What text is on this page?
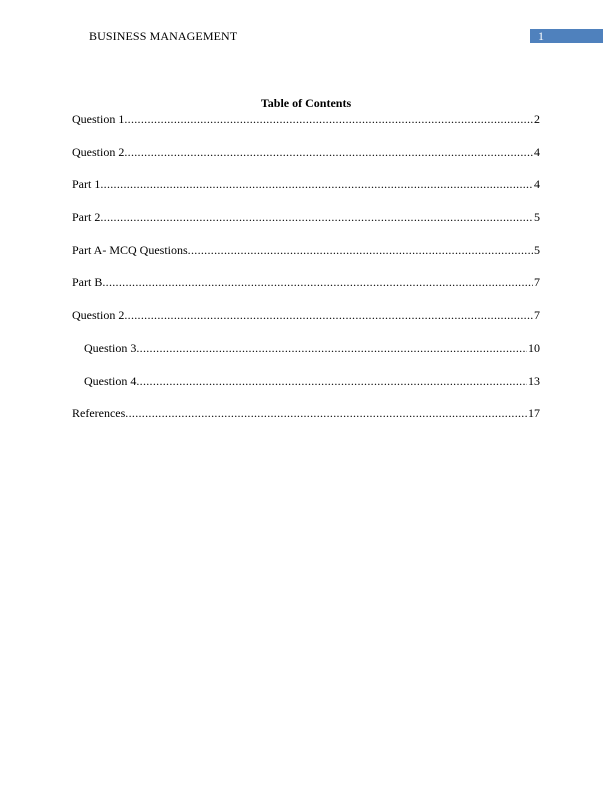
BUSINESS MANAGEMENT	1
Table of Contents
Question 1 .....	2
Question 2 .....	4
Part 1 .....	4
Part 2 .....	5
Part A- MCQ Questions .....	5
Part B .....	7
Question 2 .....	7
Question 3 .....	10
Question 4 .....	13
References .....	17
